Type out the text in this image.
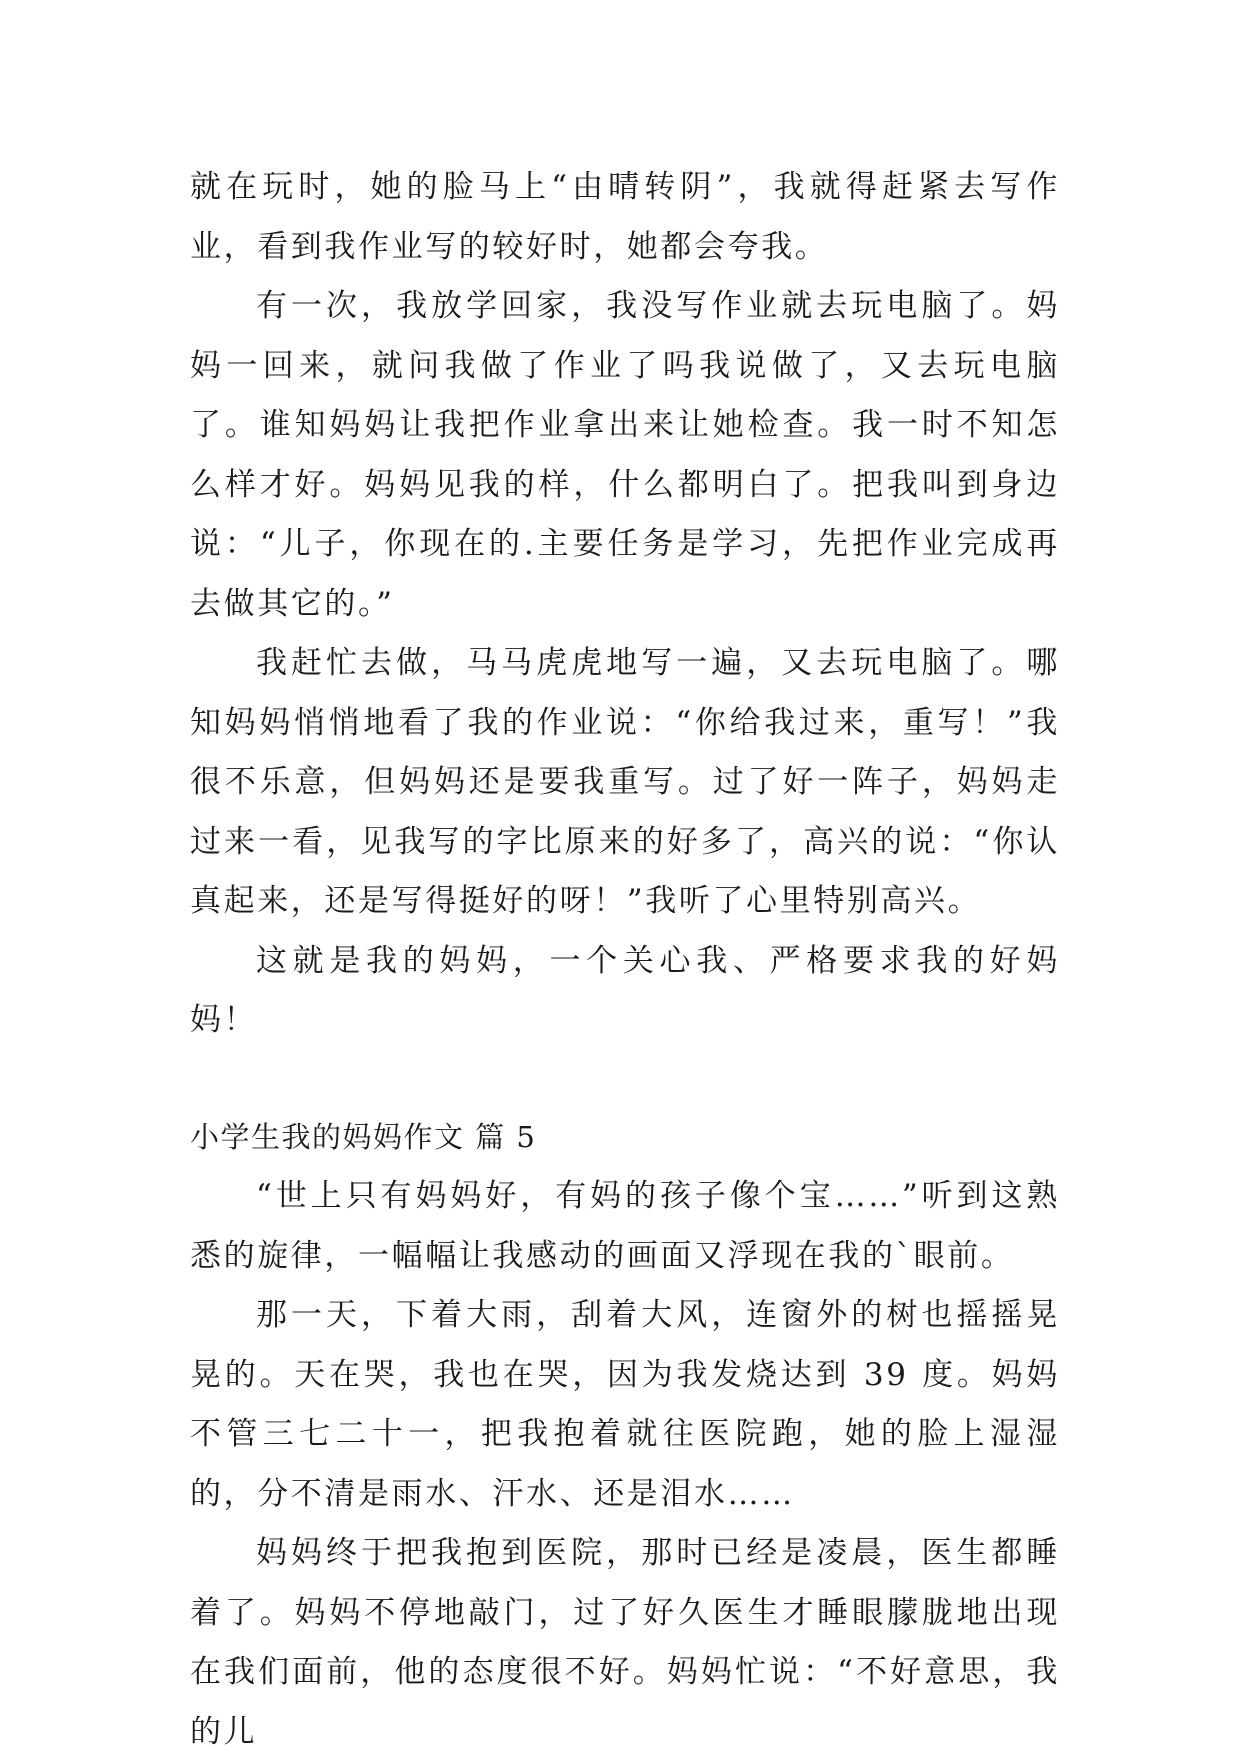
就在玩时，她的脸马上“由晴转阴”，我就得赶紧去写作业，看到我作业写的较好时，她都会夸我。

有一次，我放学回家，我没写作业就去玩电脑了。妈妈一回来，就问我做了作业了吗我说做了，又去玩电脑了。谁知妈妈让我把作业拿出来让她检查。我一时不知怎么样才好。妈妈见我的样，什么都明白了。把我叫到身边说：“儿子，你现在的.主要任务是学习，先把作业完成再去做其它的。”

我赶忙去做，马马虎虎地写一遍，又去玩电脑了。哪知妈妈悄悄地看了我的作业说：“你给我过来，重写！”我很不乐意，但妈妈还是要我重写。过了好一阵子，妈妈走过来一看，见我写的字比原来的好多了，高兴的说：“你认真起来，还是写得挺好的呀！”我听了心里特别高兴。

这就是我的妈妈，一个关心我、严格要求我的好妈妈！

小学生我的妈妈作文 篇 5

“世上只有妈妈好，有妈的孩子像个宝……”听到这熟悉的旋律，一幅幅让我感动的画面又浮现在我的`眼前。

那一天，下着大雨，刮着大风，连窗外的树也摇摇晃晃的。天在哭，我也在哭，因为我发烧达到 39 度。妈妈不管三七二十一，把我抱着就往医院跑，她的脸上湿湿的，分不清是雨水、汗水、还是泪水……

妈妈终于把我抱到医院，那时已经是凌晨，医生都睡着了。妈妈不停地敲门，过了好久医生才睡眼朦胧地出现在我们面前，他的态度很不好。妈妈忙说：“不好意思，我的儿
